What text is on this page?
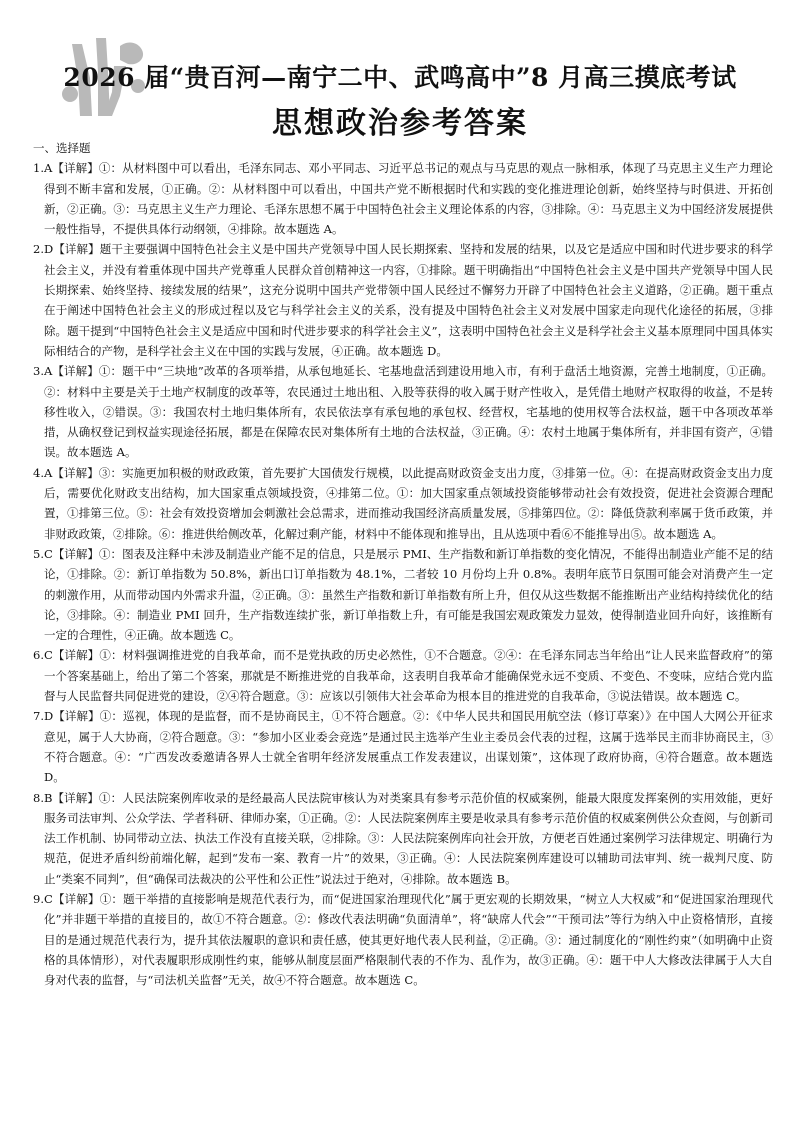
2026 届“贵百河—南宁二中、武鸣高中”8 月高三摸底考试
思想政治参考答案
一、选择题
1. A【详解】①：从材料图中可以看出，毛泽东同志、邓小平同志、习近平总书记的观点与马克思的观点一脉相承，体现了马克思主义生产力理论得到不断丰富和发展，①正确。②：从材料图中可以看出，中国共产党不断根据时代和实践的变化推进理论创新，始终坚持与时俱进、开拓创新，②正确。③：马克思主义生产力理论、毛泽东思想不属于中国特色社会主义理论体系的内容，③排除。④：马克思主义为中国经济发展提供一般性指导，不提供具体行动纲领，④排除。故本题选 A。
2. D【详解】题干主要强调中国特色社会主义是中国共产党领导中国人民长期探索、坚持和发展的结果，以及它是适应中国和时代进步要求的科学社会主义，并没有着重体现中国共产党尊重人民群众首创精神这一内容，①排除。题干明确指出“中国特色社会主义是中国共产党领导中国人民长期探索、始终坚持、接续发展的结果”，这充分说明中国共产党带领中国人民经过不懈努力开辟了中国特色社会主义道路，②正确。题干重点在于阐述中国特色社会主义的形成过程以及它与科学社会主义的关系，没有提及中国特色社会主义对发展中国家走向现代化途径的拓展，③排除。题干提到“中国特色社会主义是适应中国和时代进步要求的科学社会主义”，这表明中国特色社会主义是科学社会主义基本原理同中国具体实际相结合的产物，是科学社会主义在中国的实践与发展，④正确。故本题选 D。
3. A【详解】①：题干中“三块地”改革的各项举措，从承包地延长、宅基地盘活到建设用地入市，有利于盘活土地资源，完善土地制度，①正确。②：材料中主要是关于土地产权制度的改革等，农民通过土地出租、入股等获得的收入属于财产性收入，是凭借土地财产权取得的收益，不是转移性收入，②错误。③：我国农村土地归集体所有，农民依法享有承包地的承包权、经营权，宅基地的使用权等合法权益，题干中各项改革举措，从确权登记到权益实现途径拓展，都是在保障农民对集体所有土地的合法权益，③正确。④：农村土地属于集体所有，并非国有资产，④错误。故本题选 A。
4. A【详解】③：实施更加积极的财政政策，首先要扩大国债发行规模，以此提高财政资金支出力度，③排第一位。④：在提高财政资金支出力度后，需要优化财政支出结构，加大国家重点领域投资，④排第二位。①：加大国家重点领域投资能够带动社会有效投资，促进社会资源合理配置，①排第三位。⑤：社会有效投资增加会刺激社会总需求，进而推动我国经济高质量发展，⑤排第四位。②：降低贷款利率属于货币政策，并非财政政策，②排除。⑥：推进供给侧改革，化解过剩产能，材料中不能体现和推导出，且从选项中看⑥不能推导出⑤。故本题选 A。
5. C【详解】①：图表及注释中未涉及制造业产能不足的信息，只是展示 PMI、生产指数和新订单指数的变化情况，不能得出制造业产能不足的结论，①排除。②：新订单指数为 50.8%，新出口订单指数为 48.1%，二者较 10 月份均上升 0.8%。表明年底节日氛围可能会对消费产生一定的刺激作用，从而带动国内外需求升温，②正确。③：虽然生产指数和新订单指数有所上升，但仅从这些数据不能推断出产业结构持续优化的结论，③排除。④：制造业 PMI 回升，生产指数连续扩张，新订单指数上升，有可能是我国宏观政策发力显效，使得制造业回升向好，该推断有一定的合理性，④正确。故本题选 C。
6. C【详解】①：材料强调推进党的自我革命，而不是党执政的历史必然性，①不合题意。②④：在毛泽东同志当年给出“让人民来监督政府”的第一个答案基础上，给出了第二个答案，那就是不断推进党的自我革命，这表明自我革命才能确保党永远不变质、不变色、不变味，应结合党内监督与人民监督共同促进党的建设，②④符合题意。③：应该以引领伟大社会革命为根本目的推进党的自我革命，③说法错误。故本题选 C。
7. D【详解】①：巡视，体现的是监督，而不是协商民主，①不符合题意。②：《中华人民共和国民用航空法（修订草案）》在中国人大网公开征求意见，属于人大协商，②符合题意。③：“参加小区业委会竞选”是通过民主选举产生业主委员会代表的过程，这属于选举民主而非协商民主，③不符合题意。④：“广西发改委邀请各界人士就全省明年经济发展重点工作发表建议，出谋划策”，这体现了政府协商，④符合题意。故本题选 D。
8. B【详解】①：人民法院案例库收录的是经最高人民法院审核认为对类案具有参考示范价值的权威案例，能最大限度发挥案例的实用效能，更好服务司法审判、公众学法、学者科研、律师办案，①正确。②：人民法院案例库主要是收录具有参考示范价值的权威案例供公众查阅，与创新司法工作机制、协同带动立法、执法工作没有直接关联，②排除。③：人民法院案例库向社会开放，方便老百姓通过案例学习法律规定、明确行为规范，促进矛盾纠纷前端化解，起到“发布一案、教育一片”的效果，③正确。④：人民法院案例库建设可以辅助司法审判、统一裁判尺度、防止“类案不同判”，但“确保司法裁决的公平性和公正性”说法过于绝对，④排除。故本题选 B。
9. C【详解】①：题干举措的直接影响是规范代表行为，而“促进国家治理现代化”属于更宏观的长期效果，“树立人大权威”和“促进国家治理现代化”并非题干举措的直接目的，故①不符合题意。②：修改代表法明确“负面清单”，将“缺席人代会”“干预司法”等行为纳入中止资格情形，直接目的是通过规范代表行为，提升其依法履职的意识和责任感，使其更好地代表人民利益，②正确。③：通过制度化的“刚性约束”（如明确中止资格的具体情形），对代表履职形成刚性约束，能够从制度层面严格限制代表的不作为、乱作为，故③正确。④：题干中人大修改法律属于人大自身对代表的监督，与“司法机关监督”无关，故④不符合题意。故本题选 C。
